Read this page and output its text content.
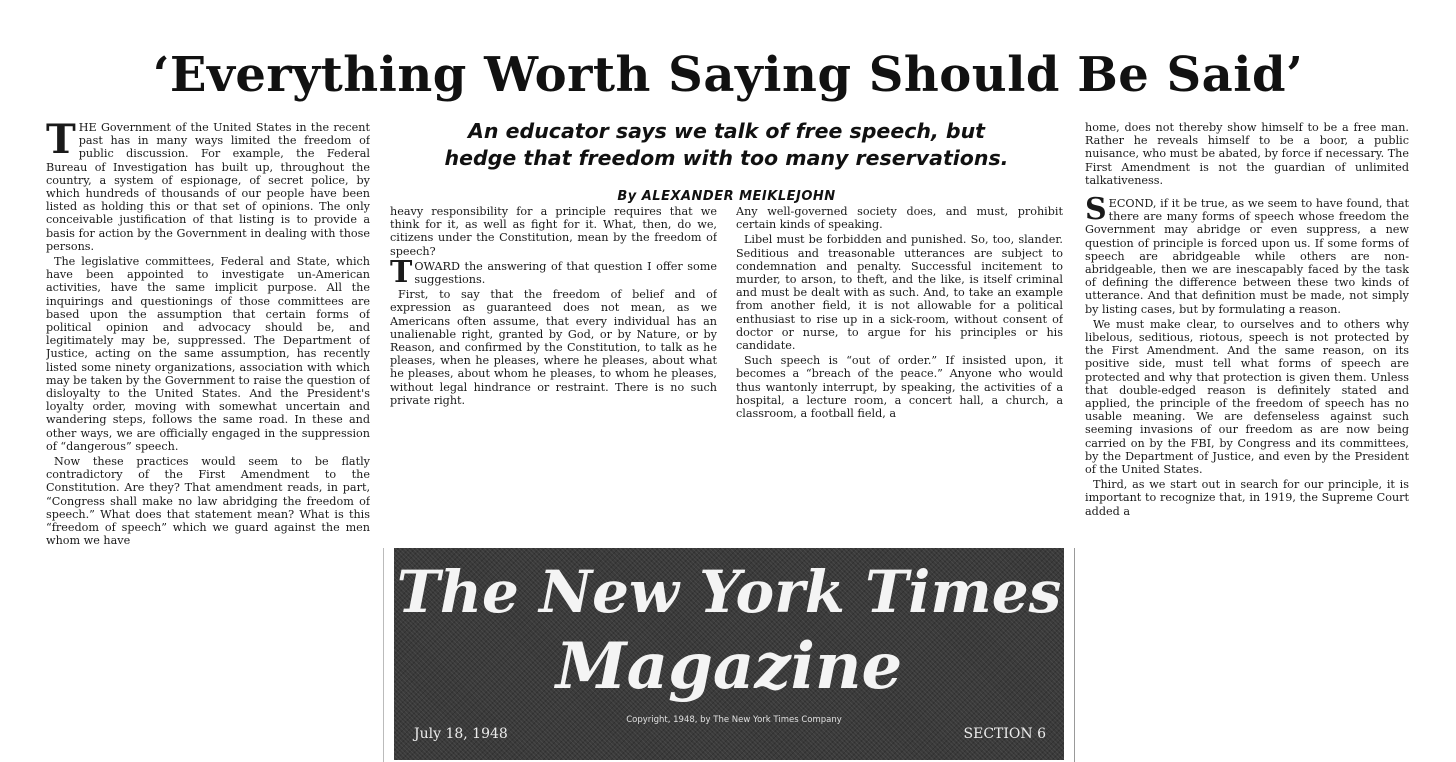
‘Everything Worth Saying Should Be Said’
T HE Government of the United States in the recent past has in many ways limited the freedom of public discussion. For example, the Federal Bureau of Investigation has built up, throughout the country, a system of espionage, of secret police, by which hundreds of thousands of our people have been listed as holding this or that set of opinions. The only conceivable justification of that listing is to provide a basis for action by the Government in dealing with those persons.

The legislative committees, Federal and State, which have been appointed to investigate un-American activities, have the same implicit purpose. All the inquirings and questionings of those committees are based upon the assumption that certain forms of political opinion and advocacy should be, and legitimately may be, suppressed. The Department of Justice, acting on the same assumption, has recently listed some ninety organizations, association with which may be taken by the Government to raise the question of disloyalty to the United States. And the President's loyalty order, moving with somewhat uncertain and wandering steps, follows the same road. In these and other ways, we are officially engaged in the suppression of “dangerous” speech.

Now these practices would seem to be flatly contradictory of the First Amendment to the Constitution. Are they? That amendment reads, in part, “Congress shall make no law abridging the freedom of speech.” What does that statement mean? What is this “freedom of speech” which we guard against the men whom we have

An educator says we talk of free speech, but
hedge that freedom with too many reservations.
By ALEXANDER MEIKLEJOHN

heavy responsibility for a principle requires that we think for it, as well as fight for it. What, then, do we, citizens under the Constitution, mean by the freedom of speech?

T OWARD the answering of that question I offer some suggestions.

First, to say that the freedom of belief and of expression as guaranteed does not mean, as we Americans often assume, that every individual has an unalienable right, granted by God, or by Nature, or by Reason, and confirmed by the Constitution, to talk as he pleases, when he pleases, where he pleases, about what he pleases, about whom he pleases, to whom he pleases, without legal hindrance or restraint. There is no such private right.

Any well-governed society does, and must, prohibit certain kinds of speaking.

Libel must be forbidden and punished. So, too, slander. Seditious and treasonable utterances are subject to condemnation and penalty. Successful incitement to murder, to arson, to theft, and the like, is itself criminal and must be dealt with as such. And, to take an example from another field, it is not allowable for a political enthusiast to rise up in a sick-room, without consent of doctor or nurse, to argue for his principles or his candidate.

Such speech is “out of order.” If insisted upon, it becomes a “breach of the peace.” Anyone who would thus wantonly interrupt, by speaking, the activities of a hospital, a lecture room, a concert hall, a church, a classroom, a football field, a

home, does not thereby show himself to be a free man. Rather he reveals himself to be a boor, a public nuisance, who must be abated, by force if necessary. The First Amendment is not the guardian of unlimited talkativeness.

S ECOND, if it be true, as we seem to have found, that there are many forms of speech whose freedom the Government may abridge or even suppress, a new question of principle is forced upon us. If some forms of speech are abridgeable while others are non-abridgeable, then we are inescapably faced by the task of defining the difference between these two kinds of utterance. And that definition must be made, not simply by listing cases, but by formulating a reason.

We must make clear, to ourselves and to others why libelous, seditious, riotous, speech is not protected by the First Amendment. And the same reason, on its positive side, must tell what forms of speech are protected and why that protection is given them. Unless that double-edged reason is definitely stated and applied, the principle of the freedom of speech has no usable meaning. We are defenseless against such seeming invasions of our freedom as are now being carried on by the FBI, by Congress and its committees, by the Department of Justice, and even by the President of the United States.

Third, as we start out in search for our principle, it is important to recognize that, in 1919, the Supreme Court added a

The New York Times
Magazine
July 18, 1948
Copyright, 1948, by The New York Times Company
SECTION 6
